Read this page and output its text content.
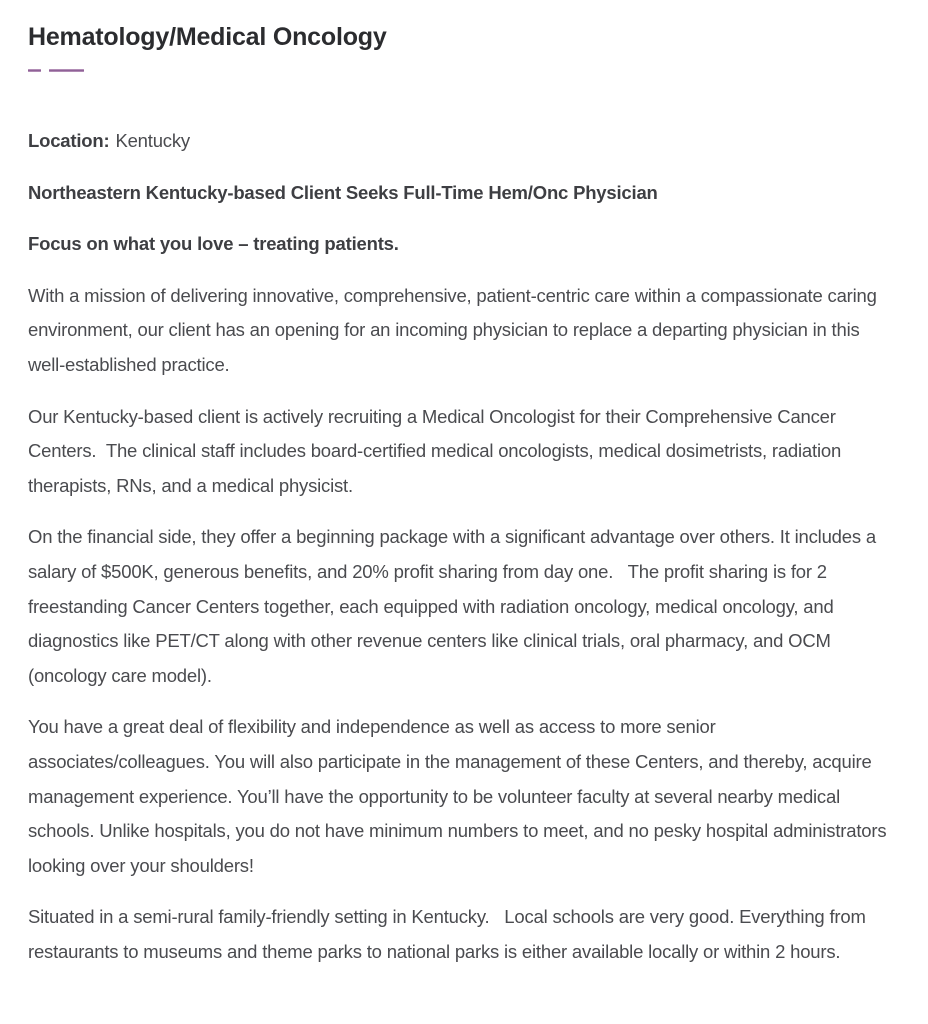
Hematology/Medical Oncology

Location: Kentucky

Northeastern Kentucky-based Client Seeks Full-Time Hem/Onc Physician

Focus on what you love – treating patients.

With a mission of delivering innovative, comprehensive, patient-centric care within a compassionate caring environment, our client has an opening for an incoming physician to replace a departing physician in this well-established practice.

Our Kentucky-based client is actively recruiting a Medical Oncologist for their Comprehensive Cancer Centers.  The clinical staff includes board-certified medical oncologists, medical dosimetrists, radiation therapists, RNs, and a medical physicist.

On the financial side, they offer a beginning package with a significant advantage over others. It includes a salary of $500K, generous benefits, and 20% profit sharing from day one.   The profit sharing is for 2 freestanding Cancer Centers together, each equipped with radiation oncology, medical oncology, and diagnostics like PET/CT along with other revenue centers like clinical trials, oral pharmacy, and OCM (oncology care model).

You have a great deal of flexibility and independence as well as access to more senior associates/colleagues. You will also participate in the management of these Centers, and thereby, acquire management experience. You’ll have the opportunity to be volunteer faculty at several nearby medical schools. Unlike hospitals, you do not have minimum numbers to meet, and no pesky hospital administrators looking over your shoulders!

Situated in a semi-rural family-friendly setting in Kentucky.   Local schools are very good. Everything from restaurants to museums and theme parks to national parks is either available locally or within 2 hours.
